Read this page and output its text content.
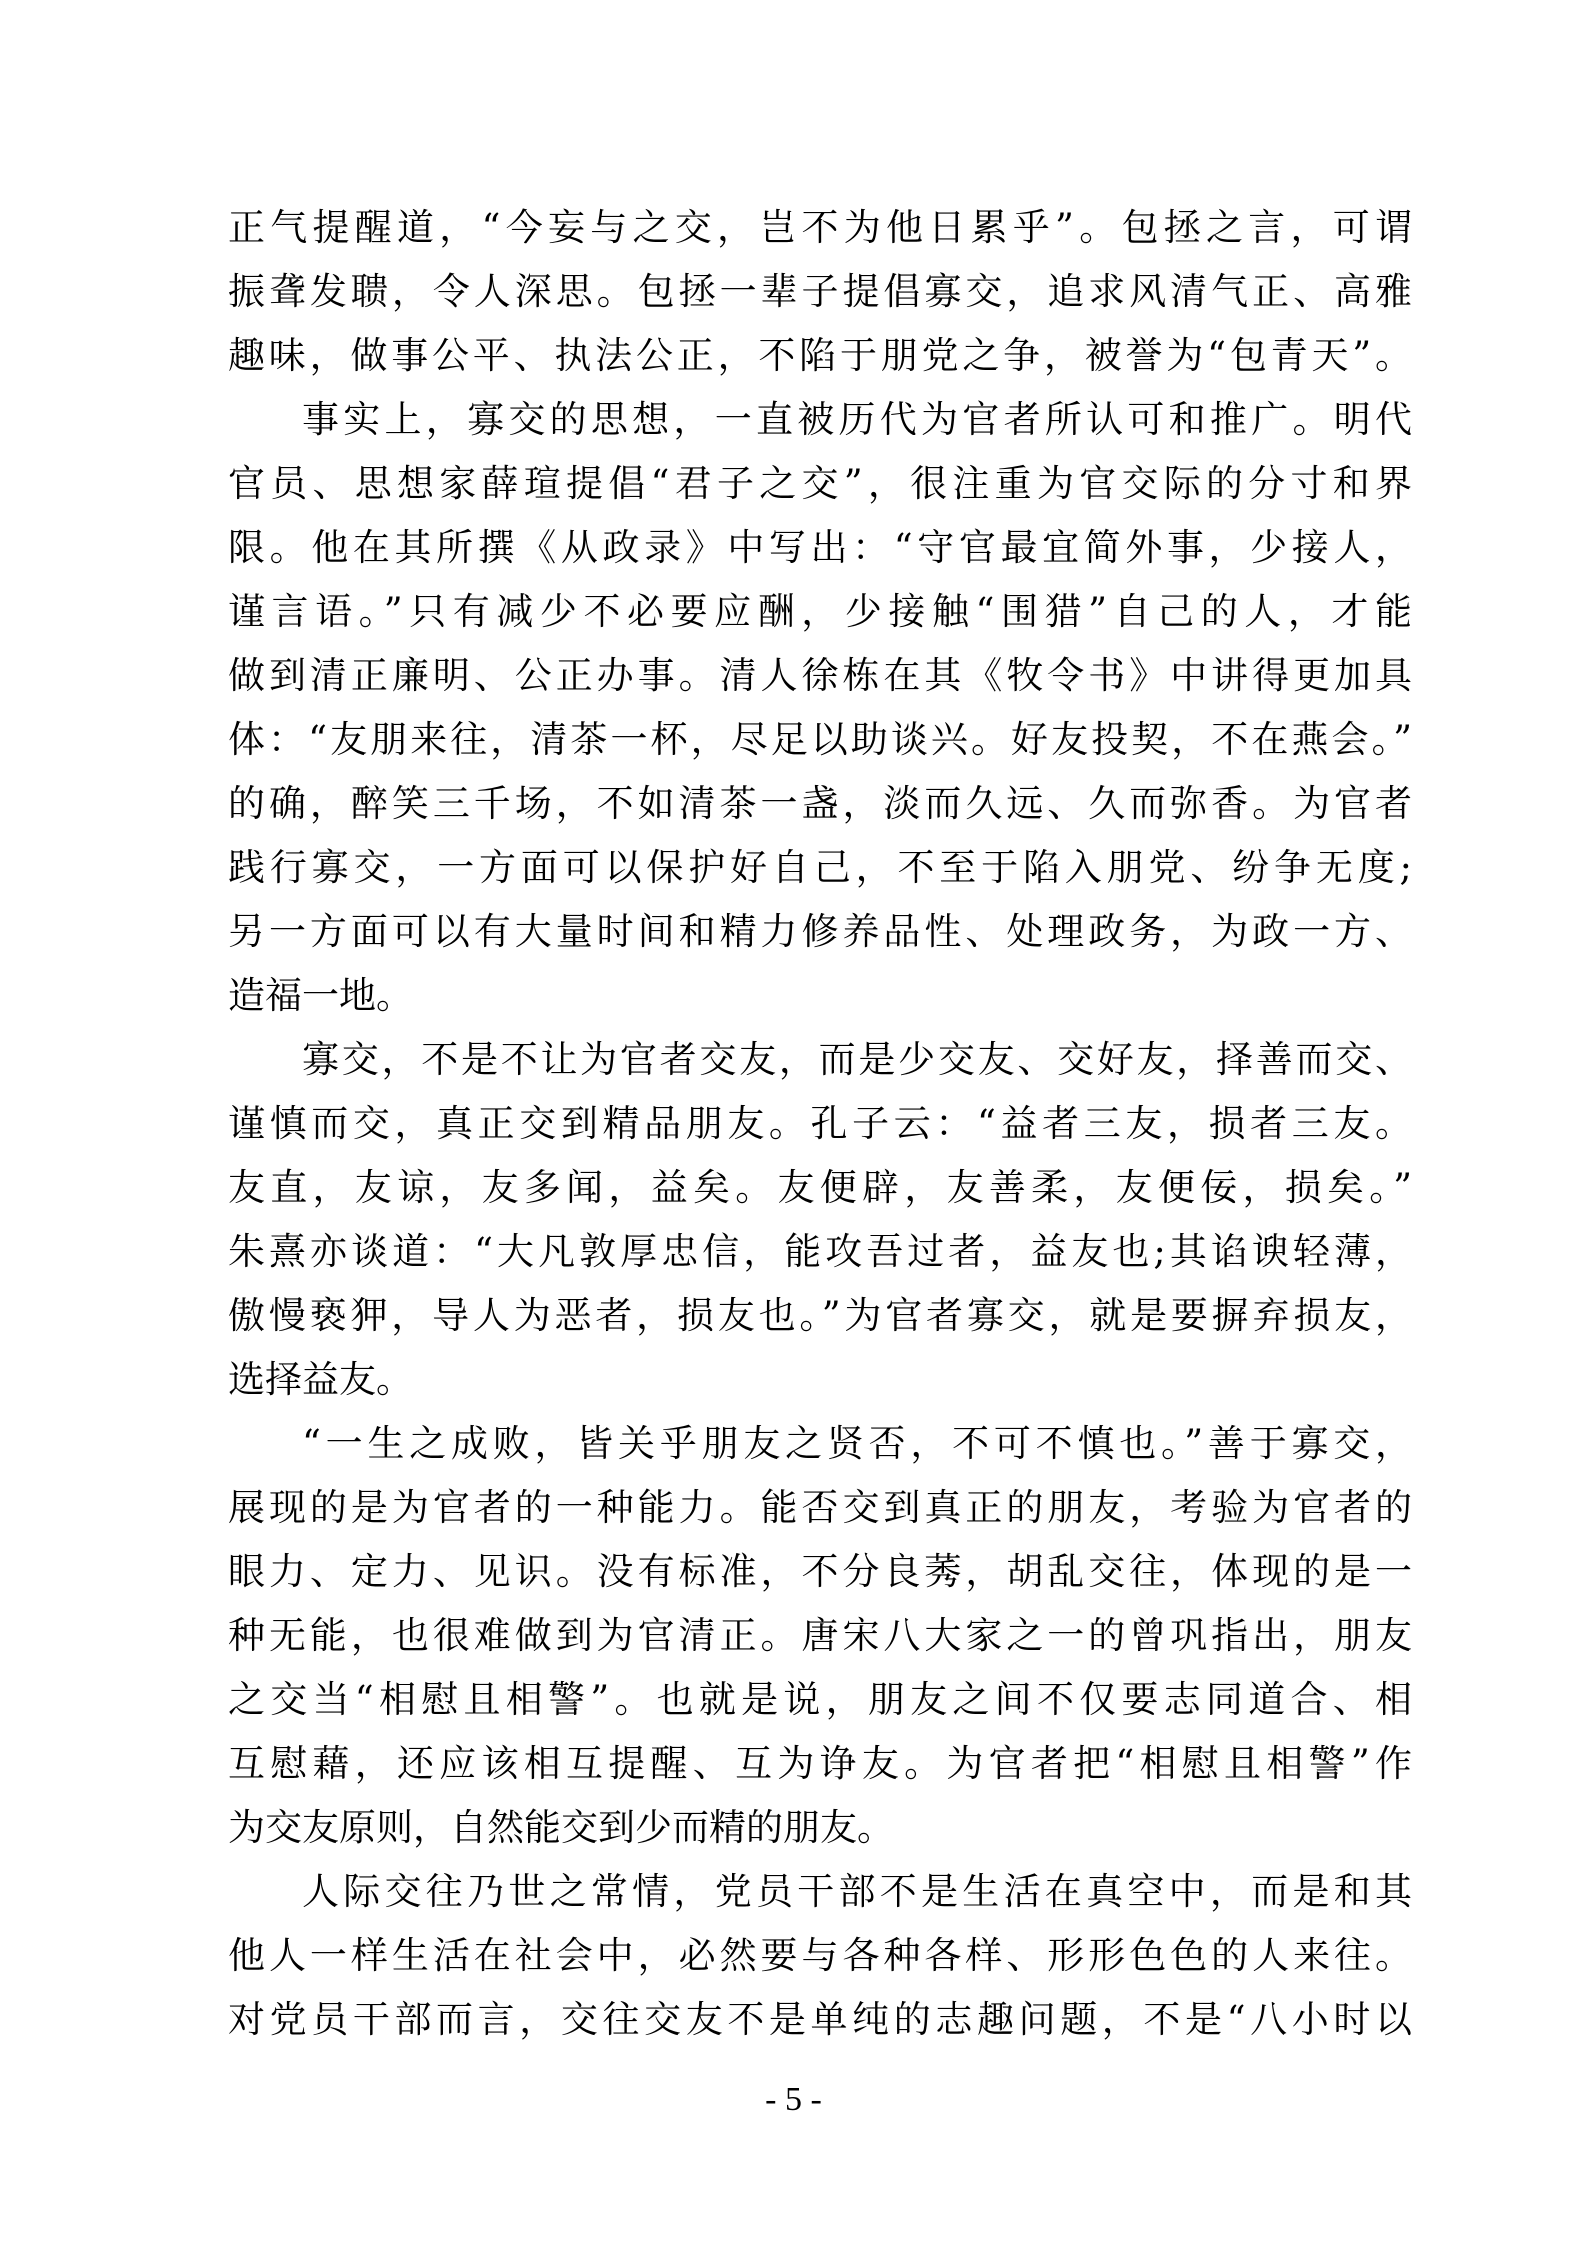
正气提醒道，“今妄与之交，岂不为他日累乎”。包拯之言，可谓
振聋发聩，令人深思。包拯一辈子提倡寡交，追求风清气正、高雅
趣味，做事公平、执法公正，不陷于朋党之争，被誉为“包青天”。
事实上，寡交的思想，一直被历代为官者所认可和推广。明代
官员、思想家薛瑄提倡“君子之交”，很注重为官交际的分寸和界
限。他在其所撰《从政录》中写出：“守官最宜简外事，少接人，
谨言语。”只有减少不必要应酬，少接触“围猎”自己的人，才能
做到清正廉明、公正办事。清人徐栋在其《牧令书》中讲得更加具
体：“友朋来往，清茶一杯，尽足以助谈兴。好友投契，不在燕会。”
的确，醉笑三千场，不如清茶一盏，淡而久远、久而弥香。为官者
践行寡交，一方面可以保护好自己，不至于陷入朋党、纷争无度;
另一方面可以有大量时间和精力修养品性、处理政务，为政一方、
造福一地。
寡交，不是不让为官者交友，而是少交友、交好友，择善而交、
谨慎而交，真正交到精品朋友。孔子云：“益者三友，损者三友。
友直，友谅，友多闻，益矣。友便辟，友善柔，友便佞，损矣。”
朱熹亦谈道：“大凡敦厚忠信，能攻吾过者，益友也;其谄谀轻薄，
傲慢亵狎，导人为恶者，损友也。”为官者寡交，就是要摒弃损友，
选择益友。
“一生之成败，皆关乎朋友之贤否，不可不慎也。”善于寡交，
展现的是为官者的一种能力。能否交到真正的朋友，考验为官者的
眼力、定力、见识。没有标准，不分良莠，胡乱交往，体现的是一
种无能，也很难做到为官清正。唐宋八大家之一的曾巩指出，朋友
之交当“相慰且相警”。也就是说，朋友之间不仅要志同道合、相
互慰藉，还应该相互提醒、互为诤友。为官者把“相慰且相警”作
为交友原则，自然能交到少而精的朋友。
人际交往乃世之常情，党员干部不是生活在真空中，而是和其
他人一样生活在社会中，必然要与各种各样、形形色色的人来往。
对党员干部而言，交往交友不是单纯的志趣问题，不是“八小时以
- 5 -
